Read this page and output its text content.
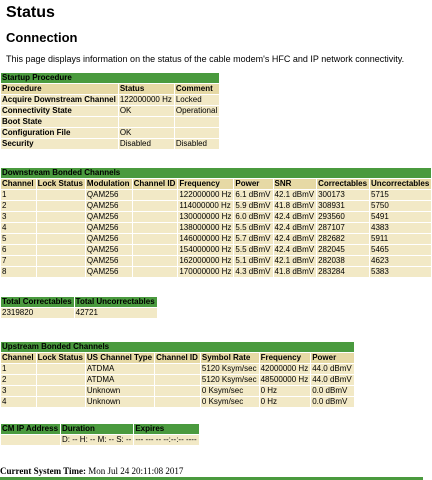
Status
Connection
This page displays information on the status of the cable modem's HFC and IP network connectivity.
Startup Procedure		
Procedure	Status	Comment
Acquire Downstream Channel	122000000 Hz	Locked
Connectivity State	OK	Operational
Boot State		
Configuration File	OK	
Security	Disabled	Disabled
Downstream Bonded Channels								
Channel	Lock Status	Modulation	Channel ID	Frequency	Power	SNR	Correctables	Uncorrectables
1		QAM256		122000000 Hz	6.1 dBmV	42.1 dBmV	300173	5715
2		QAM256		114000000 Hz	5.9 dBmV	41.8 dBmV	308931	5750
3		QAM256		130000000 Hz	6.0 dBmV	42.4 dBmV	293560	5491
4		QAM256		138000000 Hz	5.5 dBmV	42.4 dBmV	287107	4383
5		QAM256		146000000 Hz	5.7 dBmV	42.4 dBmV	282682	5911
6		QAM256		154000000 Hz	5.5 dBmV	42.4 dBmV	282045	5465
7		QAM256		162000000 Hz	5.1 dBmV	42.1 dBmV	282038	4623
8		QAM256		170000000 Hz	4.3 dBmV	41.8 dBmV	283284	5383
Total Correctables	Total Uncorrectables
2319820	42721
Upstream Bonded Channels						
Channel	Lock Status	US Channel Type	Channel ID	Symbol Rate	Frequency	Power
1		ATDMA		5120 Ksym/sec	42000000 Hz	44.0 dBmV
2		ATDMA		5120 Ksym/sec	48500000 Hz	44.0 dBmV
3		Unknown		0 Ksym/sec	0 Hz	0.0 dBmV
4		Unknown		0 Ksym/sec	0 Hz	0.0 dBmV
CM IP Address	Duration	Expires
	D: -- H: -- M: -- S: --	--- --- -- --:--:-- ----
Current System Time: Mon Jul 24 20:11:08 2017
